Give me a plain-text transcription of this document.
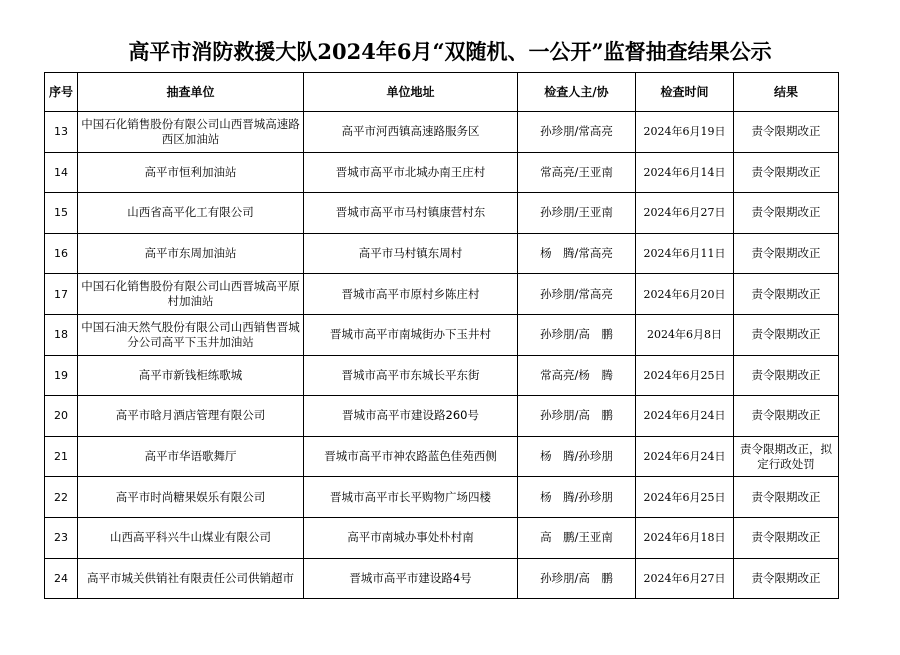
高平市消防救援大队2024年6月“双随机、一公开”监督抽查结果公示
序号	抽查单位	单位地址	检查人主/协	检查时间	结果
13	中国石化销售股份有限公司山西晋城高速路西区加油站	高平市河西镇高速路服务区	孙珍朋/常高亮	2024年6月19日	责令限期改正
14	高平市恒利加油站	晋城市高平市北城办南王庄村	常高亮/王亚南	2024年6月14日	责令限期改正
15	山西省高平化工有限公司	晋城市高平市马村镇康营村东	孙珍朋/王亚南	2024年6月27日	责令限期改正
16	高平市东周加油站	高平市马村镇东周村	杨　腾/常高亮	2024年6月11日	责令限期改正
17	中国石化销售股份有限公司山西晋城高平原村加油站	晋城市高平市原村乡陈庄村	孙珍朋/常高亮	2024年6月20日	责令限期改正
18	中国石油天然气股份有限公司山西销售晋城分公司高平下玉井加油站	晋城市高平市南城街办下玉井村	孙珍朋/高　鹏	2024年6月8日	责令限期改正
19	高平市新钱柜练歌城	晋城市高平市东城长平东街	常高亮/杨　腾	2024年6月25日	责令限期改正
20	高平市晗月酒店管理有限公司	晋城市高平市建设路260号	孙珍朋/高　鹏	2024年6月24日	责令限期改正
21	高平市华语歌舞厅	晋城市高平市神农路蓝色佳苑西侧	杨　腾/孙珍朋	2024年6月24日	责令限期改正，拟定行政处罚
22	高平市时尚糖果娱乐有限公司	晋城市高平市长平购物广场四楼	杨　腾/孙珍朋	2024年6月25日	责令限期改正
23	山西高平科兴牛山煤业有限公司	高平市南城办事处朴村南	高　鹏/王亚南	2024年6月18日	责令限期改正
24	高平市城关供销社有限责任公司供销超市	晋城市高平市建设路4号	孙珍朋/高　鹏	2024年6月27日	责令限期改正
